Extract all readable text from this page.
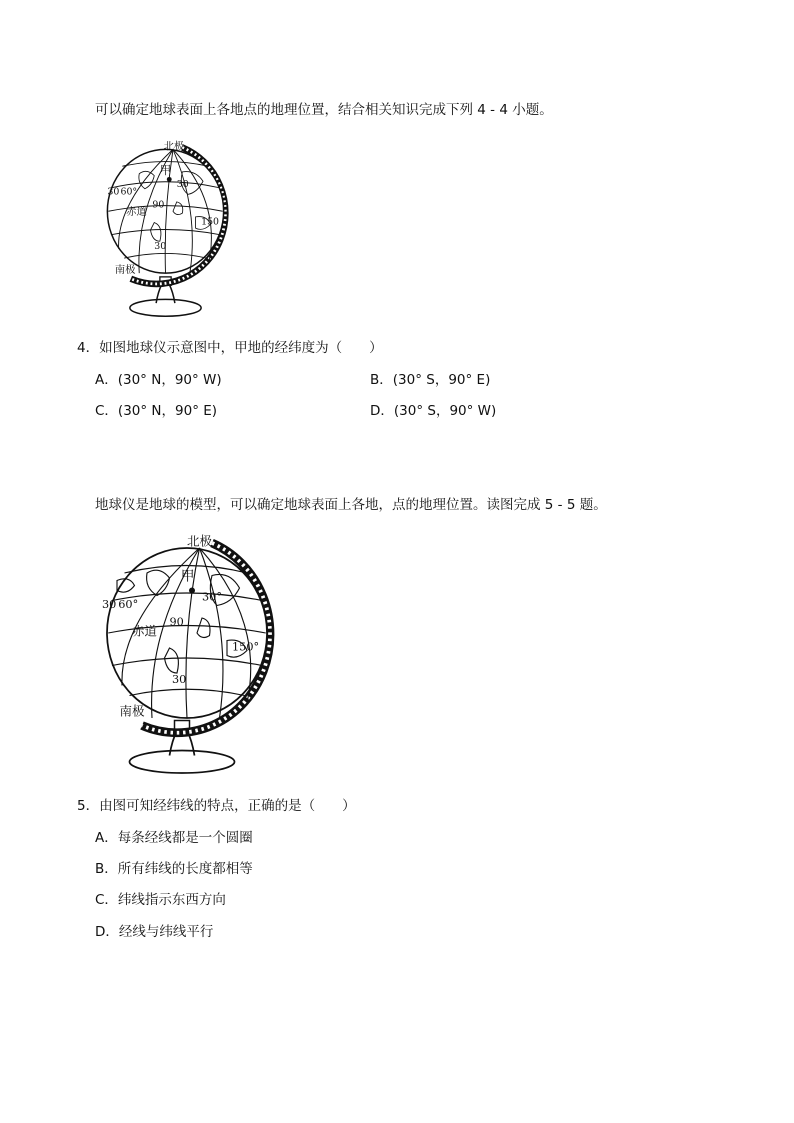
可以确定地球表面上各地点的地理位置，结合相关知识完成下列 4 - 4 小题。
北极
甲
30 60°
30
赤道
90
150
30
南极
4．如图地球仪示意图中，甲地的经纬度为（　　）
A．(30° N，90° W)	B．(30° S，90° E)
C．(30° N，90° E)	D．(30° S，90° W)
地球仪是地球的模型，可以确定地球表面上各地，点的地理位置。读图完成 5 - 5 题。
北极
甲
30 60°
30°
赤道
90
150°
30
南极
5．由图可知经纬线的特点，正确的是（　　）
A．每条经线都是一个圆圈
B．所有纬线的长度都相等
C．纬线指示东西方向
D．经线与纬线平行
